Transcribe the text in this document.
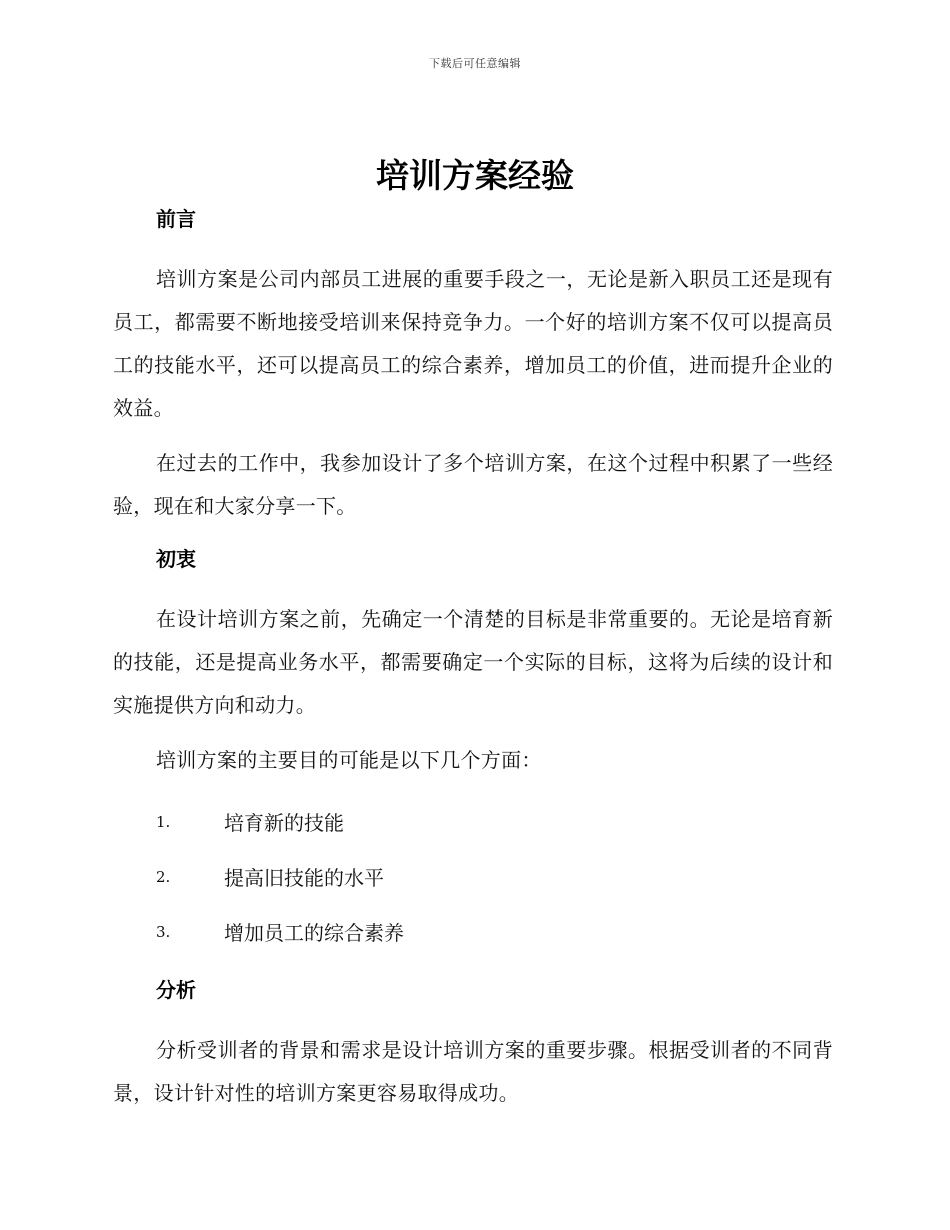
下载后可任意编辑
培训方案经验
前言

培训方案是公司内部员工进展的重要手段之一，无论是新入职员工还是现有员工，都需要不断地接受培训来保持竞争力。一个好的培训方案不仅可以提高员工的技能水平，还可以提高员工的综合素养，增加员工的价值，进而提升企业的效益。

在过去的工作中，我参加设计了多个培训方案，在这个过程中积累了一些经验，现在和大家分享一下。

初衷

在设计培训方案之前，先确定一个清楚的目标是非常重要的。无论是培育新的技能，还是提高业务水平，都需要确定一个实际的目标，这将为后续的设计和实施提供方向和动力。

培训方案的主要目的可能是以下几个方面：

1.	培育新的技能
2.	提高旧技能的水平
3.	增加员工的综合素养
分析

分析受训者的背景和需求是设计培训方案的重要步骤。根据受训者的不同背景，设计针对性的培训方案更容易取得成功。
